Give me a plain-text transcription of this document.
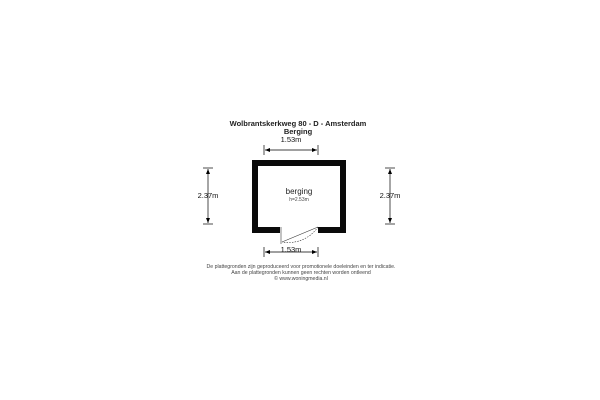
Wolbrantskerkweg 80 - D - Amsterdam
Berging
1.53m
berging
h=2.53m
2.37m	2.37m
1.53m
De plattegronden zijn geproduceerd voor promotionele doeleinden en ter indicatie.
Aan de plattegronden kunnen geen rechten worden ontleend
© www.woningmedia.nl
